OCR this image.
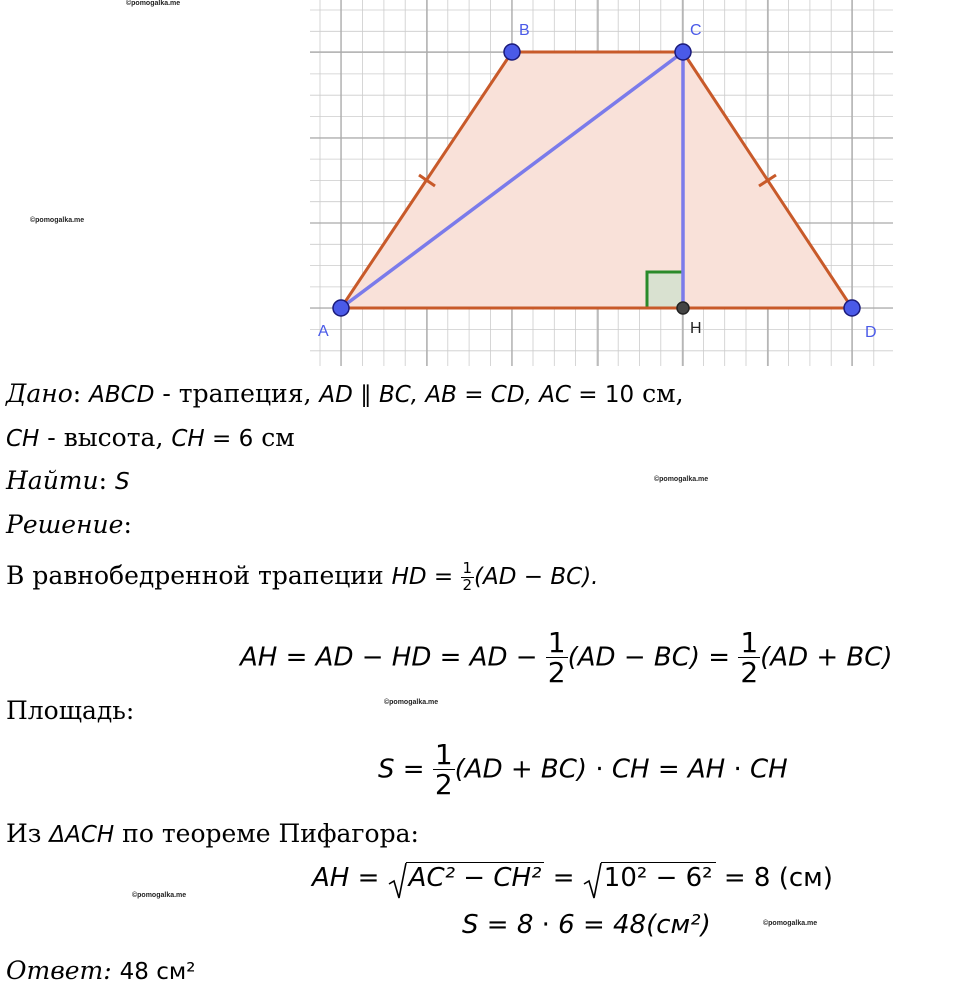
©pomogalka.me
©pomogalka.me
©pomogalka.me
©pomogalka.me
©pomogalka.me
©pomogalka.me
A
B	C
D
H
Дано: ABCD - трапеция, AD ∥ BC, AB = CD, AC = 10 см,
CH - высота, CH = 6 см
Найти: S
Решение:
В равнобедренной трапеции HD = $\frac{1}{2} (AD - BC)$.
AH = AD − HD = AD − $\frac{1}{2} (AD - BC) = \frac{1}{2} (AD + BC)$
Площадь:
$S = \frac{1}{2} (AD + BC)$ ⋅ CH = AH ⋅ CH
Из ΔACH по теореме Пифагора:
AH =
AC² − CH² =
10² − 6² = 8 (см)
S = 8 ⋅ 6 = 48(см²)
Ответ: 48 см²
